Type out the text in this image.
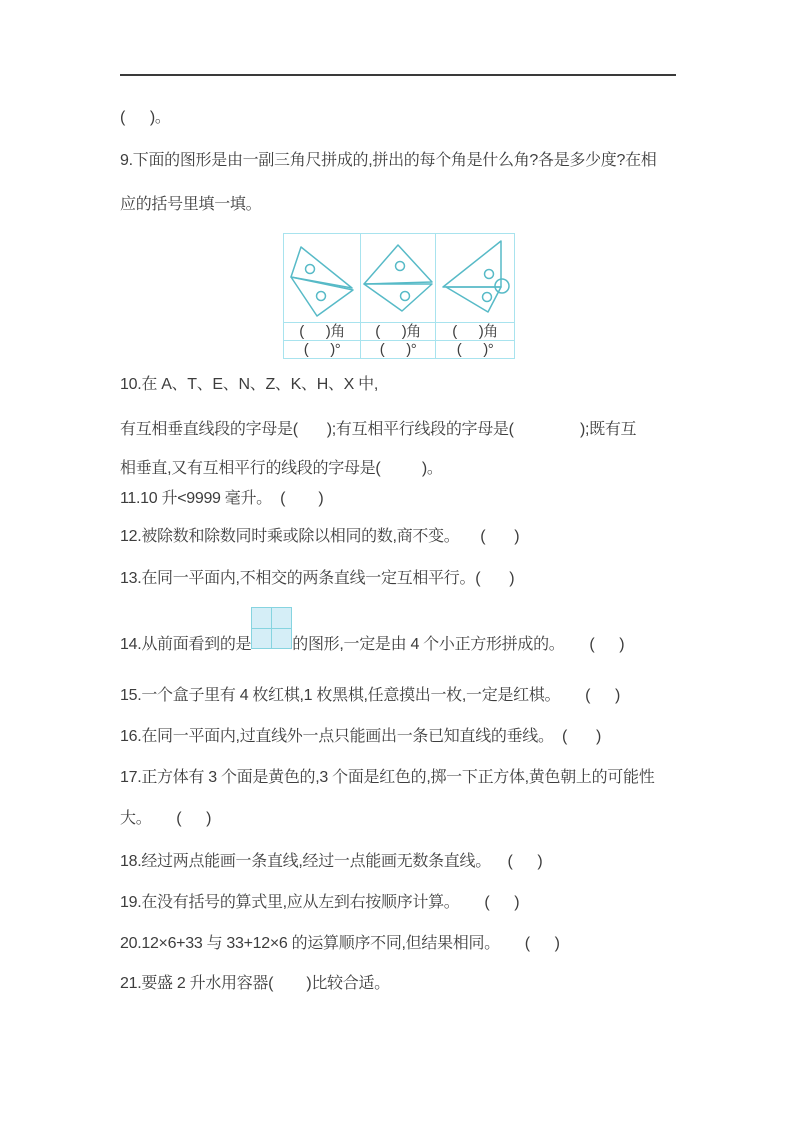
(      )。
9.下面的图形是由一副三角尺拼成的,拼出的每个角是什么角?各是多少度?在相
应的括号里填一填。
(      )角	(      )角	(      )角
(      )°	(      )°	(      )°
10.在 A、T、E、N、Z、K、H、X 中,
有互相垂直线段的字母是(       );有互相平行线段的字母是(                );既有互
相垂直,又有互相平行的线段的字母是(          )。
11.10 升<9999 毫升。  (        )
12.被除数和除数同时乘或除以相同的数,商不变。     (       )
13.在同一平面内,不相交的两条直线一定互相平行。(       )
14.从前面看到的是	的图形,一定是由 4 个小正方形拼成的。      (      )
15.一个盒子里有 4 枚红棋,1 枚黑棋,任意摸出一枚,一定是红棋。      (      )
16.在同一平面内,过直线外一点只能画出一条已知直线的垂线。  (       )
17.正方体有 3 个面是黄色的,3 个面是红色的,掷一下正方体,黄色朝上的可能性
大。      (      )
18.经过两点能画一条直线,经过一点能画无数条直线。    (      )
19.在没有括号的算式里,应从左到右按顺序计算。      (      )
20.12×6+33 与 33+12×6 的运算顺序不同,但结果相同。      (      )
21.要盛 2 升水用容器(        )比较合适。
